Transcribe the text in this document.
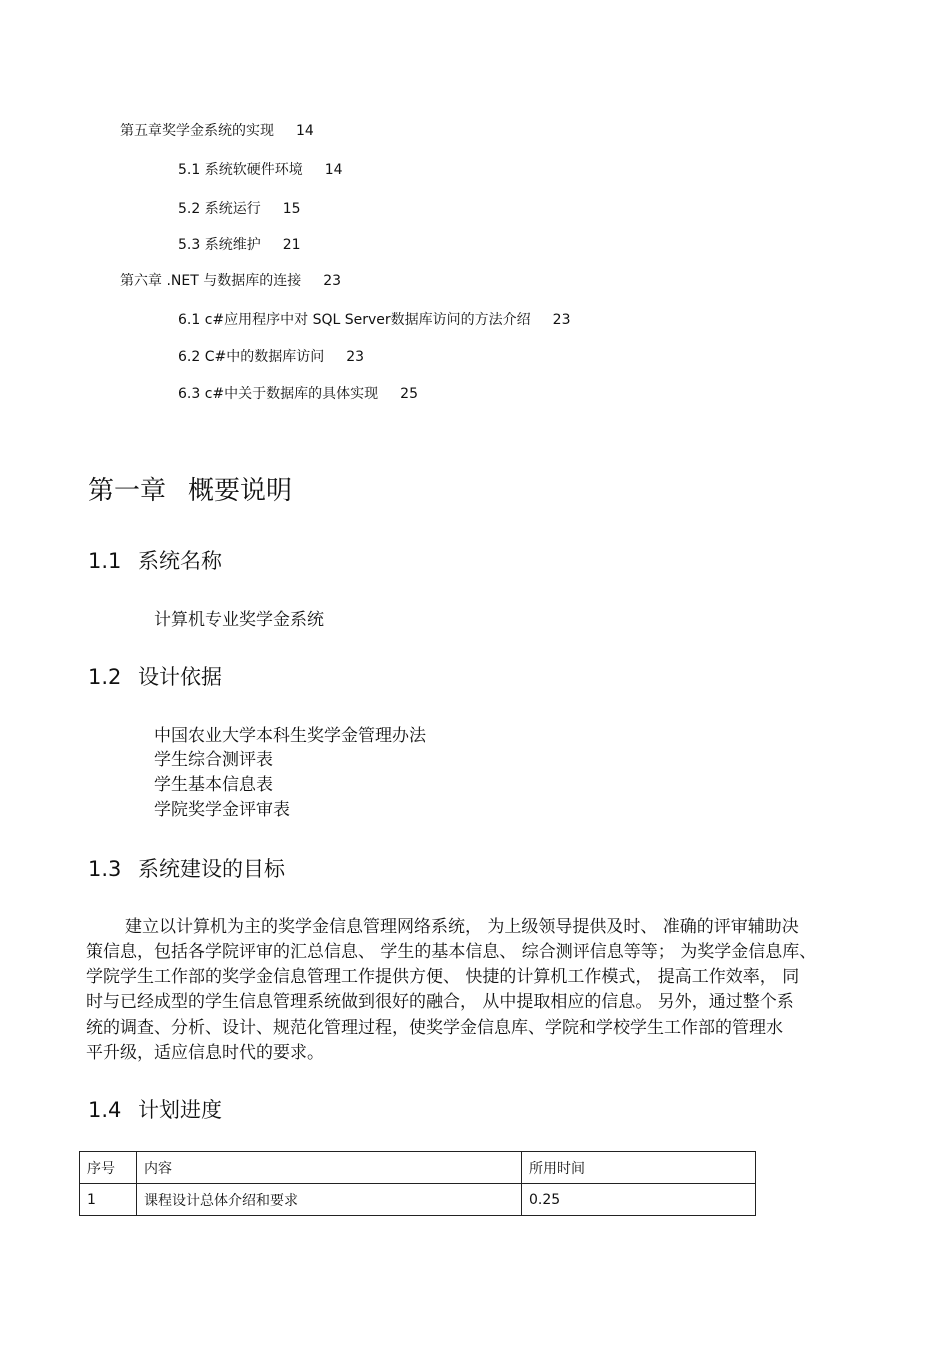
第五章奖学金系统的实现 14
5.1 系统软硬件环境 14
5.2 系统运行 15
5.3 系统维护 21
第六章 .NET 与数据库的连接 23
6.1 c#应用程序中对 SQL Server数据库访问的方法介绍 23
6.2 C#中的数据库访问 23
6.3 c#中关于数据库的具体实现 25
第一章 概要说明
1.1 系统名称
计算机专业奖学金系统
1.2 设计依据
中国农业大学本科生奖学金管理办法
学生综合测评表
学生基本信息表
学院奖学金评审表
1.3 系统建设的目标
建立以计算机为主的奖学金信息管理网络系统， 为上级领导提供及时、 准确的评审辅助决
策信息，包括各学院评审的汇总信息、 学生的基本信息、 综合测评信息等等； 为奖学金信息库、
学院学生工作部的奖学金信息管理工作提供方便、 快捷的计算机工作模式， 提高工作效率， 同
时与已经成型的学生信息管理系统做到很好的融合， 从中提取相应的信息。 另外，通过整个系
统的调查、分析、设计、规范化管理过程，使奖学金信息库、学院和学校学生工作部的管理水
平升级，适应信息时代的要求。
1.4 计划进度
序号	内容	所用时间
1	课程设计总体介绍和要求	0.25
